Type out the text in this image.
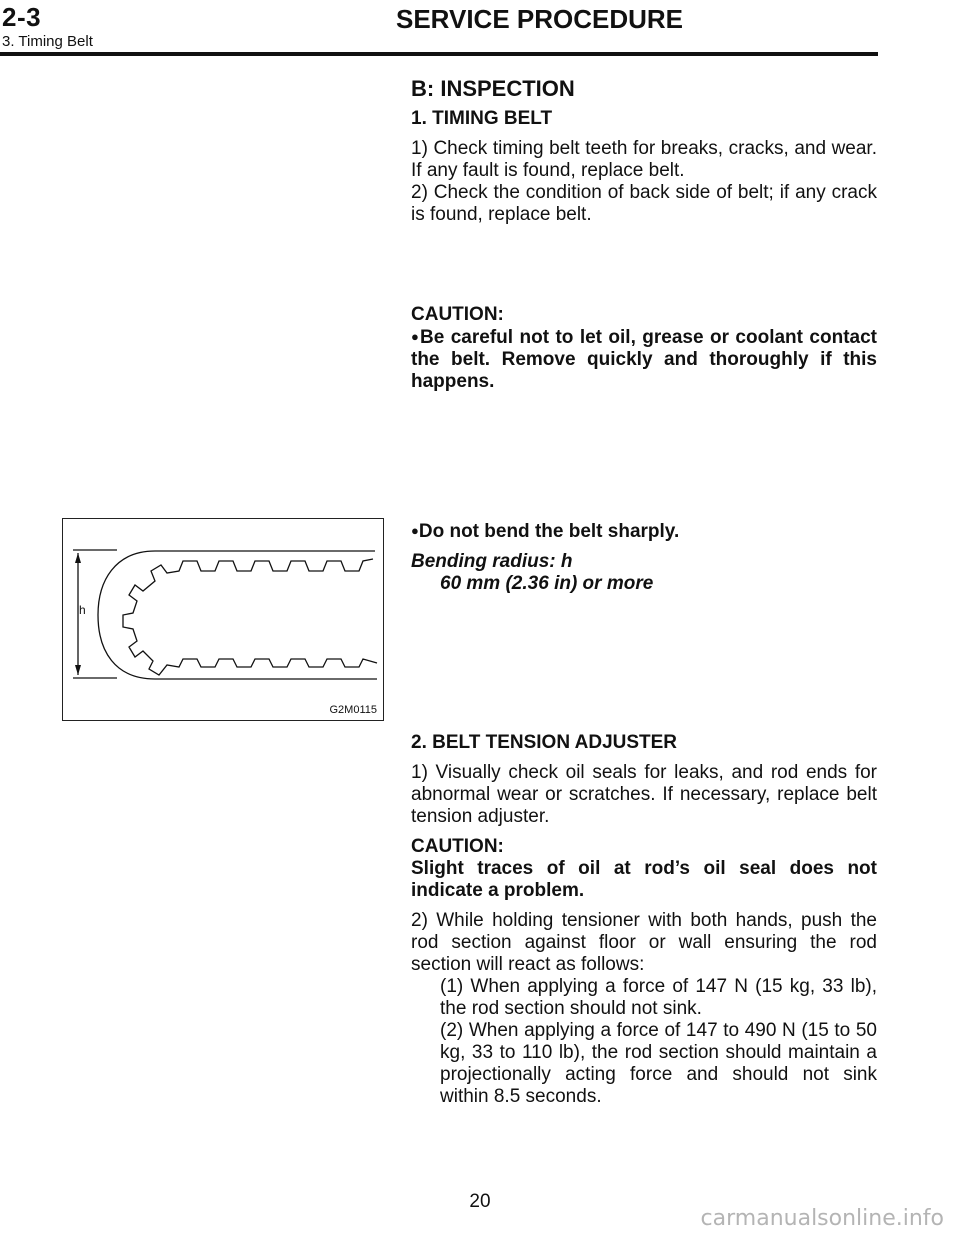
2-3	SERVICE PROCEDURE
3. Timing Belt

B: INSPECTION

1. TIMING BELT

1) Check timing belt teeth for breaks, cracks, and wear. If any fault is found, replace belt.

2) Check the condition of back side of belt; if any crack is found, replace belt.

CAUTION:

●Be careful not to let oil, grease or coolant contact the belt. Remove quickly and thoroughly if this happens.

●Do not bend the belt sharply.

Bending radius: h

60 mm (2.36 in) or more

h
G2M0115

2. BELT TENSION ADJUSTER

1) Visually check oil seals for leaks, and rod ends for abnormal wear or scratches. If necessary, replace belt tension adjuster.

CAUTION:

Slight traces of oil at rod’s oil seal does not indicate a problem.

2) While holding tensioner with both hands, push the rod section against floor or wall ensuring the rod section will react as follows:

(1) When applying a force of 147 N (15 kg, 33 lb), the rod section should not sink.

(2) When applying a force of 147 to 490 N (15 to 50 kg, 33 to 110 lb), the rod section should maintain a projectionally acting force and should not sink within 8.5 seconds.

20
carmanualsonline.info
